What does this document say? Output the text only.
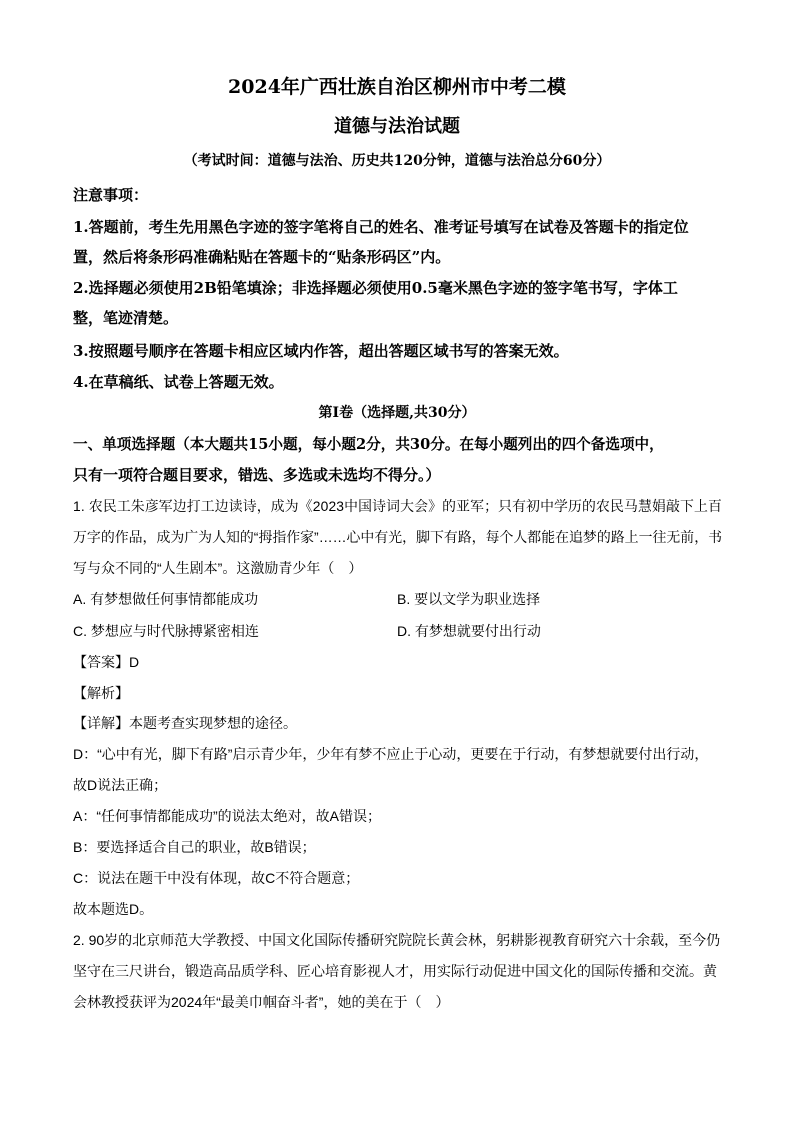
2024年广西壮族自治区柳州市中考二模
道德与法治试题
（考试时间：道德与法治、历史共120分钟，道德与法治总分60分）
注意事项：
1.答题前，考生先用黑色字迹的签字笔将自己的姓名、准考证号填写在试卷及答题卡的指定位
置，然后将条形码准确粘贴在答题卡的“贴条形码区”内。
2.选择题必须使用2B铅笔填涂；非选择题必须使用0.5毫米黑色字迹的签字笔书写，字体工
整，笔迹清楚。
3.按照题号顺序在答题卡相应区域内作答，超出答题区域书写的答案无效。
4.在草稿纸、试卷上答题无效。
第Ⅰ卷（选择题,共30分）
一、单项选择题（本大题共15小题，每小题2分，共30分。在每小题列出的四个备选项中，
只有一项符合题目要求，错选、多选或未选均不得分。）
1. 农民工朱彦军边打工边读诗，成为《2023中国诗词大会》的亚军；只有初中学历的农民马慧娟敲下上百
万字的作品，成为广为人知的“拇指作家”……心中有光，脚下有路，每个人都能在追梦的路上一往无前，书
写与众不同的“人生剧本”。这激励青少年（　）
A. 有梦想做任何事情都能成功	B. 要以文学为职业选择
C. 梦想应与时代脉搏紧密相连	D. 有梦想就要付出行动
【答案】D
【解析】
【详解】本题考查实现梦想的途径。
D：“心中有光，脚下有路”启示青少年，少年有梦不应止于心动，更要在于行动，有梦想就要付出行动，
故D说法正确；
A：“任何事情都能成功”的说法太绝对，故A错误；
B：要选择适合自己的职业，故B错误；
C：说法在题干中没有体现，故C不符合题意；
故本题选D。
2. 90岁的北京师范大学教授、中国文化国际传播研究院院长黄会林，躬耕影视教育研究六十余载，至今仍
坚守在三尺讲台，锻造高品质学科、匠心培育影视人才，用实际行动促进中国文化的国际传播和交流。黄
会林教授获评为2024年“最美巾帼奋斗者”，她的美在于（　）
